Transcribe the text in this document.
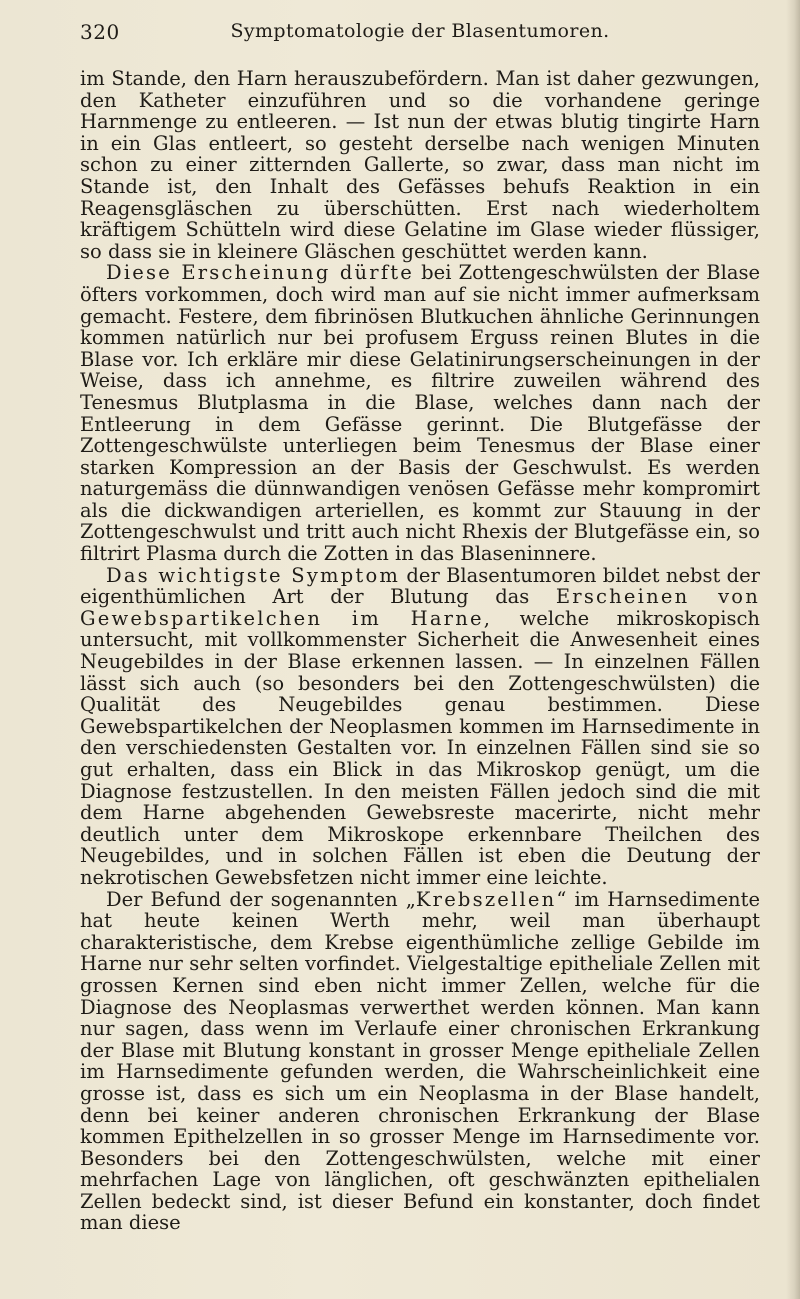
320	Symptomatologie der Blasentumoren.

im Stande, den Harn herauszubefördern. Man ist daher gezwungen, den Katheter einzuführen und so die vorhandene geringe Harnmenge zu entleeren. — Ist nun der etwas blutig tingirte Harn in ein Glas entleert, so gesteht derselbe nach wenigen Minuten schon zu einer zitternden Gallerte, so zwar, dass man nicht im Stande ist, den Inhalt des Gefässes behufs Reaktion in ein Reagensgläschen zu überschütten. Erst nach wiederholtem kräftigem Schütteln wird diese Gelatine im Glase wieder flüssiger, so dass sie in kleinere Gläschen geschüttet werden kann.

Diese Erscheinung dürfte bei Zottengeschwülsten der Blase öfters vorkommen, doch wird man auf sie nicht immer aufmerksam gemacht. Festere, dem fibrinösen Blutkuchen ähnliche Gerinnungen kommen natürlich nur bei profusem Erguss reinen Blutes in die Blase vor. Ich erkläre mir diese Gelatinirungserscheinungen in der Weise, dass ich annehme, es filtrire zuweilen während des Tenesmus Blutplasma in die Blase, welches dann nach der Entleerung in dem Gefässe gerinnt. Die Blutgefässe der Zottengeschwülste unterliegen beim Tenesmus der Blase einer starken Kompression an der Basis der Geschwulst. Es werden naturgemäss die dünnwandigen venösen Gefässe mehr kompromirt als die dickwandigen arteriellen, es kommt zur Stauung in der Zottengeschwulst und tritt auch nicht Rhexis der Blutgefässe ein, so filtrirt Plasma durch die Zotten in das Blaseninnere.

Das wichtigste Symptom der Blasentumoren bildet nebst der eigenthümlichen Art der Blutung das Erscheinen von Gewebspartikelchen im Harne, welche mikroskopisch untersucht, mit vollkommenster Sicherheit die Anwesenheit eines Neugebildes in der Blase erkennen lassen. — In einzelnen Fällen lässt sich auch (so besonders bei den Zottengeschwülsten) die Qualität des Neugebildes genau bestimmen. Diese Gewebspartikelchen der Neoplasmen kommen im Harnsedimente in den verschiedensten Gestalten vor. In einzelnen Fällen sind sie so gut erhalten, dass ein Blick in das Mikroskop genügt, um die Diagnose festzustellen. In den meisten Fällen jedoch sind die mit dem Harne abgehenden Gewebsreste macerirte, nicht mehr deutlich unter dem Mikroskope erkennbare Theilchen des Neugebildes, und in solchen Fällen ist eben die Deutung der nekrotischen Gewebsfetzen nicht immer eine leichte.

Der Befund der sogenannten „Krebszellen“ im Harnsedimente hat heute keinen Werth mehr, weil man überhaupt charakteristische, dem Krebse eigenthümliche zellige Gebilde im Harne nur sehr selten vorfindet. Vielgestaltige epitheliale Zellen mit grossen Kernen sind eben nicht immer Zellen, welche für die Diagnose des Neoplasmas verwerthet werden können. Man kann nur sagen, dass wenn im Verlaufe einer chronischen Erkrankung der Blase mit Blutung konstant in grosser Menge epitheliale Zellen im Harnsedimente gefunden werden, die Wahrscheinlichkeit eine grosse ist, dass es sich um ein Neoplasma in der Blase handelt, denn bei keiner anderen chronischen Erkrankung der Blase kommen Epithelzellen in so grosser Menge im Harnsedimente vor. Besonders bei den Zottengeschwülsten, welche mit einer mehrfachen Lage von länglichen, oft geschwänzten epithelialen Zellen bedeckt sind, ist dieser Befund ein konstanter, doch findet man diese
